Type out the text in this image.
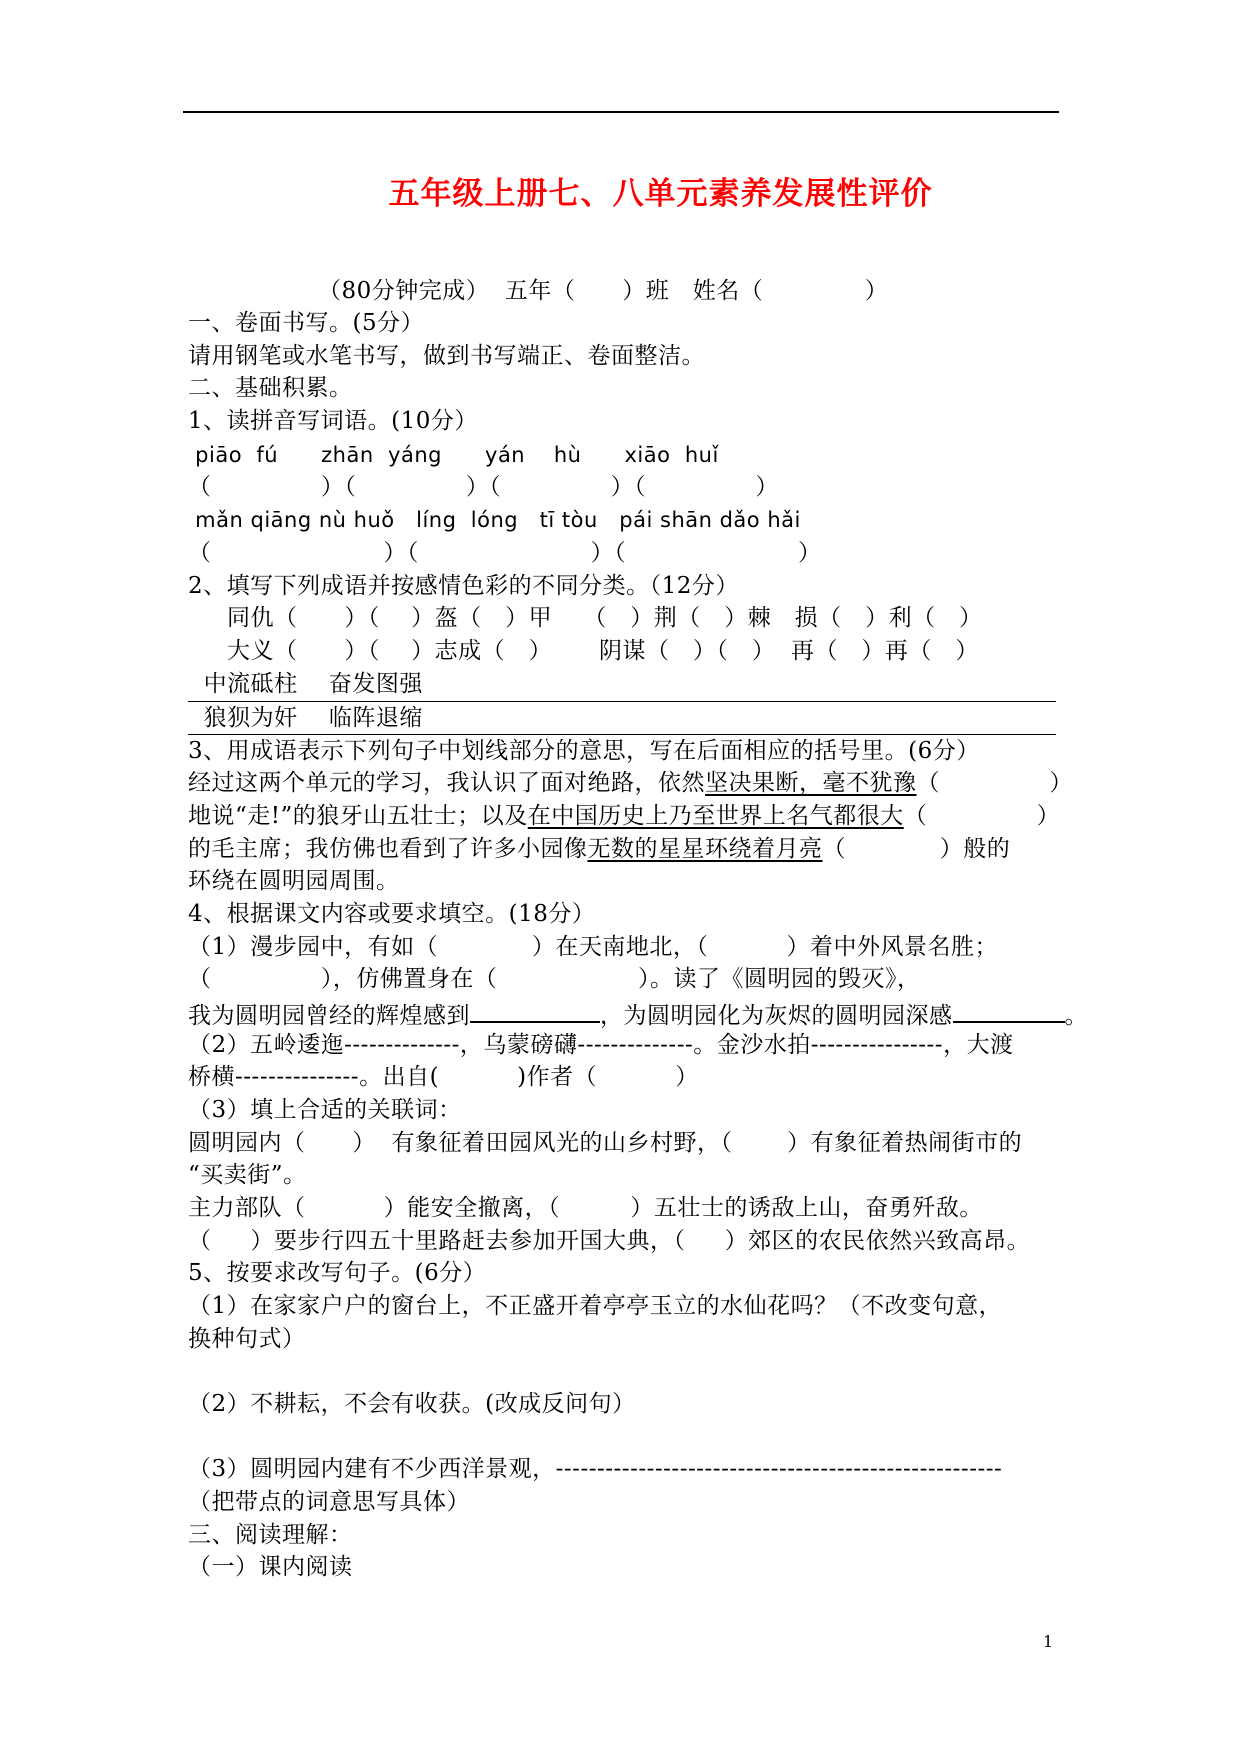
五年级上册七、八单元素养发展性评价
（80分钟完成）  五年（      ）班   姓名（             ）
一、卷面书写。(5分）
请用钢笔或水笔书写，做到书写端正、卷面整洁。
二、基础积累。
1、读拼音写词语。(10分）
piāo  fú      zhān  yáng      yán    hù      xiāo  huǐ
（              ）（              ）（              ）（              ）
mǎn qiāng nù huǒ   líng  lóng   tī tòu   pái shān dǎo hǎi
（                      ）（                      ）（                      ）
2、填写下列成语并按感情色彩的不同分类。（12分）
同仇（      ）（    ）盔（   ）甲    （   ）荆（   ）棘   损（   ）利（   ）
大义（      ）（    ）志成（   ）      阴谋（   ）（   ）  再（   ）再（   ）
中流砥柱    奋发图强
狼狈为奸    临阵退缩
3、用成语表示下列句子中划线部分的意思，写在后面相应的括号里。(6分）
经过这两个单元的学习，我认识了面对绝路，依然坚决果断，毫不犹豫（              ）
地说“走!”的狼牙山五壮士；以及在中国历史上乃至世界上名气都很大（              ）
的毛主席；我仿佛也看到了许多小园像无数的星星环绕着月亮（            ）般的
环绕在圆明园周围。
4、根据课文内容或要求填空。(18分）
（1）漫步园中，有如（            ）在天南地北，（          ）着中外风景名胜；
（              ），仿佛置身在（                  ）。读了《圆明园的毁灭》，
我为圆明园曾经的辉煌感到	，为圆明园化为灰烬的圆明园深感	。
（2）五岭逶迤--------------，乌蒙磅礴--------------。金沙水拍----------------，大渡
桥横---------------。出自(          )作者（          ）
（3）填上合适的关联词：
圆明园内（      ）  有象征着田园风光的山乡村野，（       ）有象征着热闹街市的
“买卖街”。
主力部队（          ）能安全撤离，（         ）五壮士的诱敌上山，奋勇歼敌。
（     ）要步行四五十里路赶去参加开国大典，（     ）郊区的农民依然兴致高昂。
5、按要求改写句子。(6分）
（1）在家家户户的窗台上，不正盛开着亭亭玉立的水仙花吗？（不改变句意，
换种句式）
（2）不耕耘，不会有收获。(改成反问句）
（3）圆明园内建有不少西洋景观，------------------------------------------------------
（把带点的词意思写具体）
三、阅读理解：
（一）课内阅读
1
